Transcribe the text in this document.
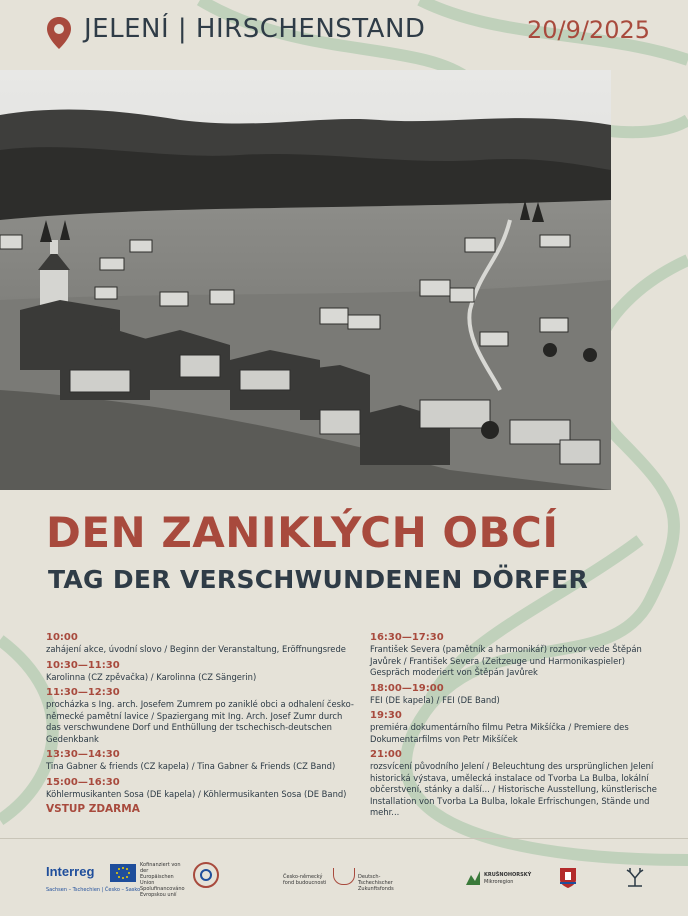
JELENÍ | HIRSCHENSTAND	20/9/2025
DEN ZANIKLÝCH OBCÍ
TAG DER VERSCHWUNDENEN DÖRFER
10:00
zahájení akce, úvodní slovo / Beginn der Veranstaltung, Eröffnungsrede
10:30—11:30
Karolinna (CZ zpěvačka) / Karolinna (CZ Sängerin)
11:30—12:30
procházka s Ing. arch. Josefem Zumrem po zaniklé obci a odhalení česko-německé pamětní lavice / Spaziergang mit Ing. Arch. Josef Zumr durch das verschwundene Dorf und Enthüllung der tschechisch-deutschen Gedenkbank
13:30—14:30
Tina Gabner & friends (CZ kapela) / Tina Gabner & Friends (CZ Band)
15:00—16:30
Köhlermusikanten Sosa (DE kapela) / Köhlermusikanten Sosa (DE Band)
16:30—17:30
František Severa (pamětník a harmonikář) rozhovor vede Štěpán Javůrek / František Severa (Zeitzeuge und Harmonikaspieler) Gespräch moderiert von Štěpán Javůrek
18:00—19:00
FEI (DE kapela) / FEI (DE Band)
19:30
premiéra dokumentárního filmu Petra Mikšíčka / Premiere des Dokumentarfilms von Petr Mikšíček
21:00
rozsvícení původního Jelení / Beleuchtung des ursprünglichen Jelení historická výstava, umělecká instalace od Tvorba La Bulba, lokální občerstvení, stánky a další... / Historische Ausstellung, künstlerische Installation von Tvorba La Bulba, lokale Erfrischungen, Stände und mehr...
VSTUP ZDARMA
Interreg
Sachsen – Tschechien | Česko – Sasko
Kofinanziert von der Europäischen Union Spolufinancováno Evropskou unií
Česko-německý fond budoucnosti
Deutsch-Tschechischer Zukunftsfonds
KRUŠNOHORSKÝ
Mikroregion
